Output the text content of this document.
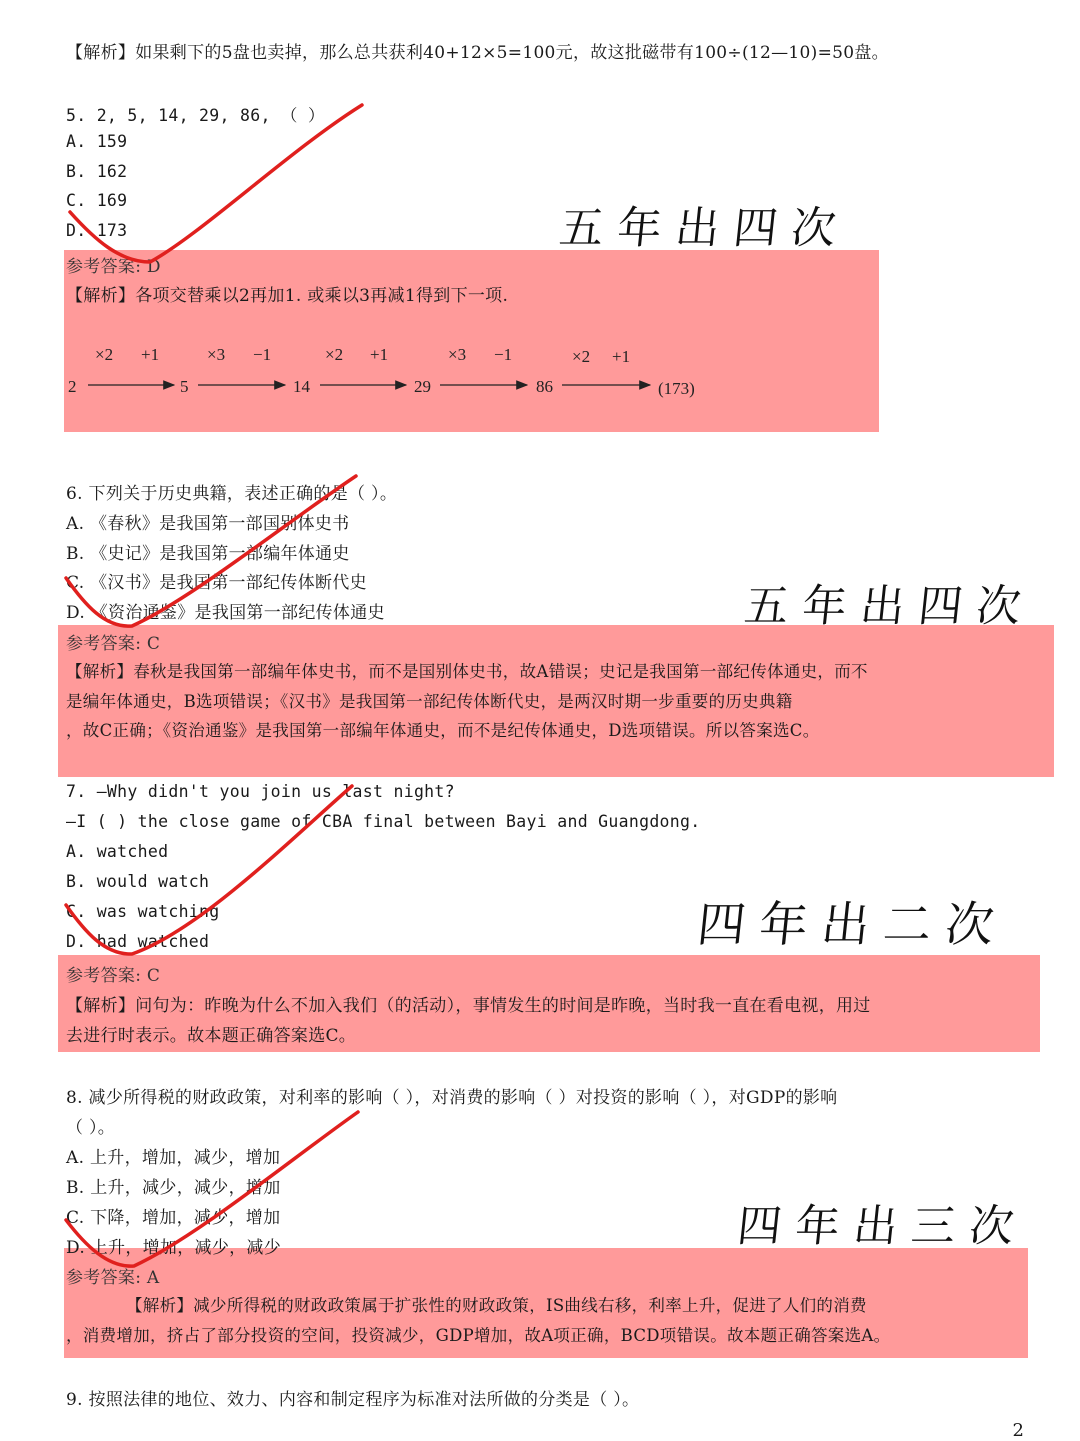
【解析】如果剩下的5盘也卖掉，那么总共获利40+12×5=100元，故这批磁带有100÷(12—10)=50盘。
5. 2, 5, 14, 29, 86, （ ）
A. 159
B. 162
C. 169
D. 173
参考答案: D
【解析】各项交替乘以2再加1. 或乘以3再减1得到下一项.
五年出四次
2	5	14	29	86	(173)
×2 +1	×3 −1	×2 +1	×3 −1	×2 +1
6. 下列关于历史典籍，表述正确的是（ ）。
A. 《春秋》是我国第一部国别体史书
B. 《史记》是我国第一部编年体通史
C. 《汉书》是我国第一部纪传体断代史
D. 《资治通鉴》是我国第一部纪传体通史
参考答案: C
【解析】春秋是我国第一部编年体史书，而不是国别体史书，故A错误；史记是我国第一部纪传体通史，而不
是编年体通史，B选项错误；《汉书》是我国第一部纪传体断代史，是两汉时期一步重要的历史典籍
，故C正确；《资治通鉴》是我国第一部编年体通史，而不是纪传体通史，D选项错误。所以答案选C。
五年出四次
7. —Why didn't you join us last night?
—I ( ) the close game of CBA final between Bayi and Guangdong.
A. watched
B. would watch
C. was watching
D. had watched
参考答案: C
【解析】问句为：昨晚为什么不加入我们（的活动），事情发生的时间是昨晚，当时我一直在看电视，用过
去进行时表示。故本题正确答案选C。
四年出二次
8. 减少所得税的财政政策，对利率的影响（ ），对消费的影响（ ）对投资的影响（ ），对GDP的影响
（ ）。
A. 上升，增加，减少，增加
B. 上升，减少，减少，增加
C. 下降，增加，减少，增加
D. 上升，增加，减少，减少
参考答案: A
【解析】减少所得税的财政政策属于扩张性的财政政策，IS曲线右移，利率上升，促进了人们的消费
，消费增加，挤占了部分投资的空间，投资减少，GDP增加，故A项正确，BCD项错误。故本题正确答案选A。
四年出三次
9. 按照法律的地位、效力、内容和制定程序为标准对法所做的分类是（ ）。
2
